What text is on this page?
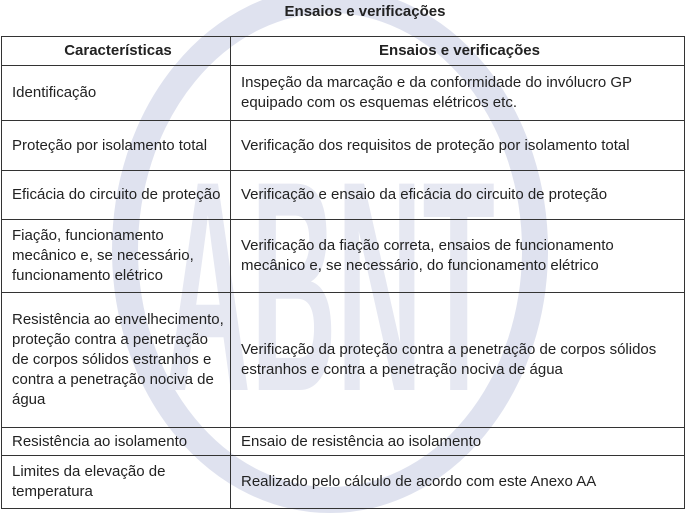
ABNT
Ensaios e verificações
Características	Ensaios e verificações
Identificação	Inspeção da marcação e da conformidade do invólucro GP equipado com os esquemas elétricos etc.
Proteção por isolamento total	Verificação dos requisitos de proteção por isolamento total
Eficácia do circuito de proteção	Verificação e ensaio da eficácia do circuito de proteção
Fiação, funcionamento mecânico e, se necessário, funcionamento elétrico	Verificação da fiação correta, ensaios de funcionamento mecânico e, se necessário, do funcionamento elétrico
Resistência ao envelhecimento, proteção contra a penetração de corpos sólidos estranhos e contra a penetração nociva de água	Verificação da proteção contra a penetração de corpos sólidos estranhos e contra a penetração nociva de água
Resistência ao isolamento	Ensaio de resistência ao isolamento
Limites da elevação de temperatura	Realizado pelo cálculo de acordo com este Anexo AA
